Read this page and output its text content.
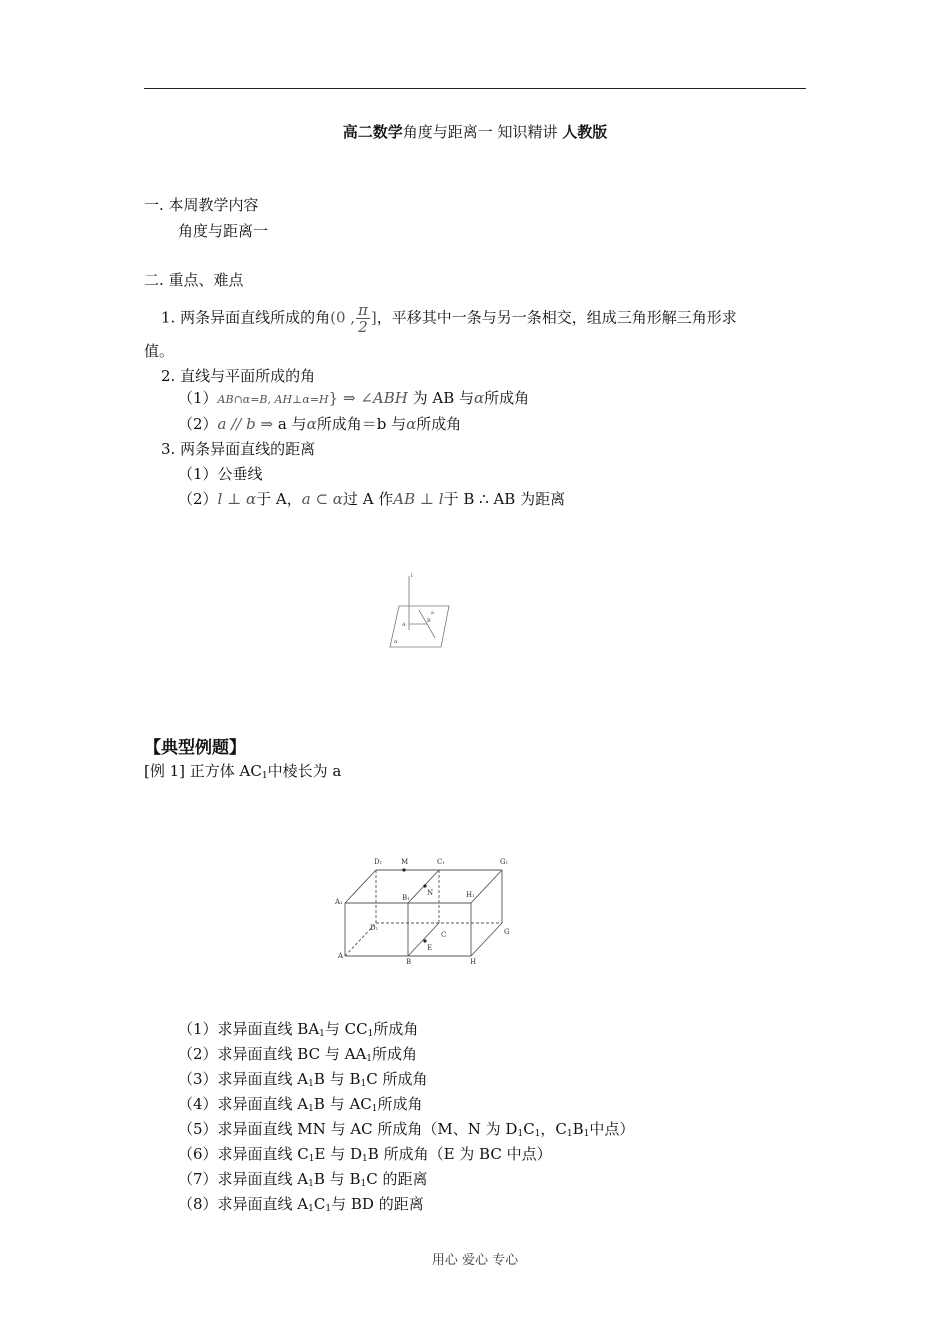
高二数学角度与距离一 知识精讲 人教版
一. 本周教学内容
角度与距离一
二. 重点、难点
1. 两条异面直线所成的角(0 , $\frac{\pi}{2}$ ]，平移其中一条与另一条相交，组成三角形解三角形求
值。
2. 直线与平面所成的角
（1）AB∩α=B, AH⊥α=H} ⇒ ∠ABH 为 AB 与α所成角
（2）a // b ⇒ a 与α所成角＝b 与α所成角
3. 两条异面直线的距离
（1）公垂线
（2）l ⊥ α于 A，a ⊂ α过 A 作AB ⊥ l于 B ∴ AB 为距离
l
a
A
B
α
【典型例题】
[例 1] 正方体 $AC_1$中棱长为 a
D1	M	C1	G1
A1
B1
N	H1
D1
C	G
A
E
B	H
（1）求异面直线 $BA_1$与 $CC_1$所成角
（2）求异面直线 BC 与 $AA_1$所成角
（3）求异面直线 $A_1B$ 与 $B_1C$ 所成角
（4）求异面直线 $A_1B$ 与 $AC_1$所成角
（5）求异面直线 MN 与 AC 所成角（M、N 为 $D_1C_1$，$C_1B_1$中点）
（6）求异面直线 $C_1E$ 与 $D_1B$ 所成角（E 为 BC 中点）
（7）求异面直线 $A_1B$ 与 $B_1C$ 的距离
（8）求异面直线 $A_1C_1$与 BD 的距离
用心 爱心 专心
